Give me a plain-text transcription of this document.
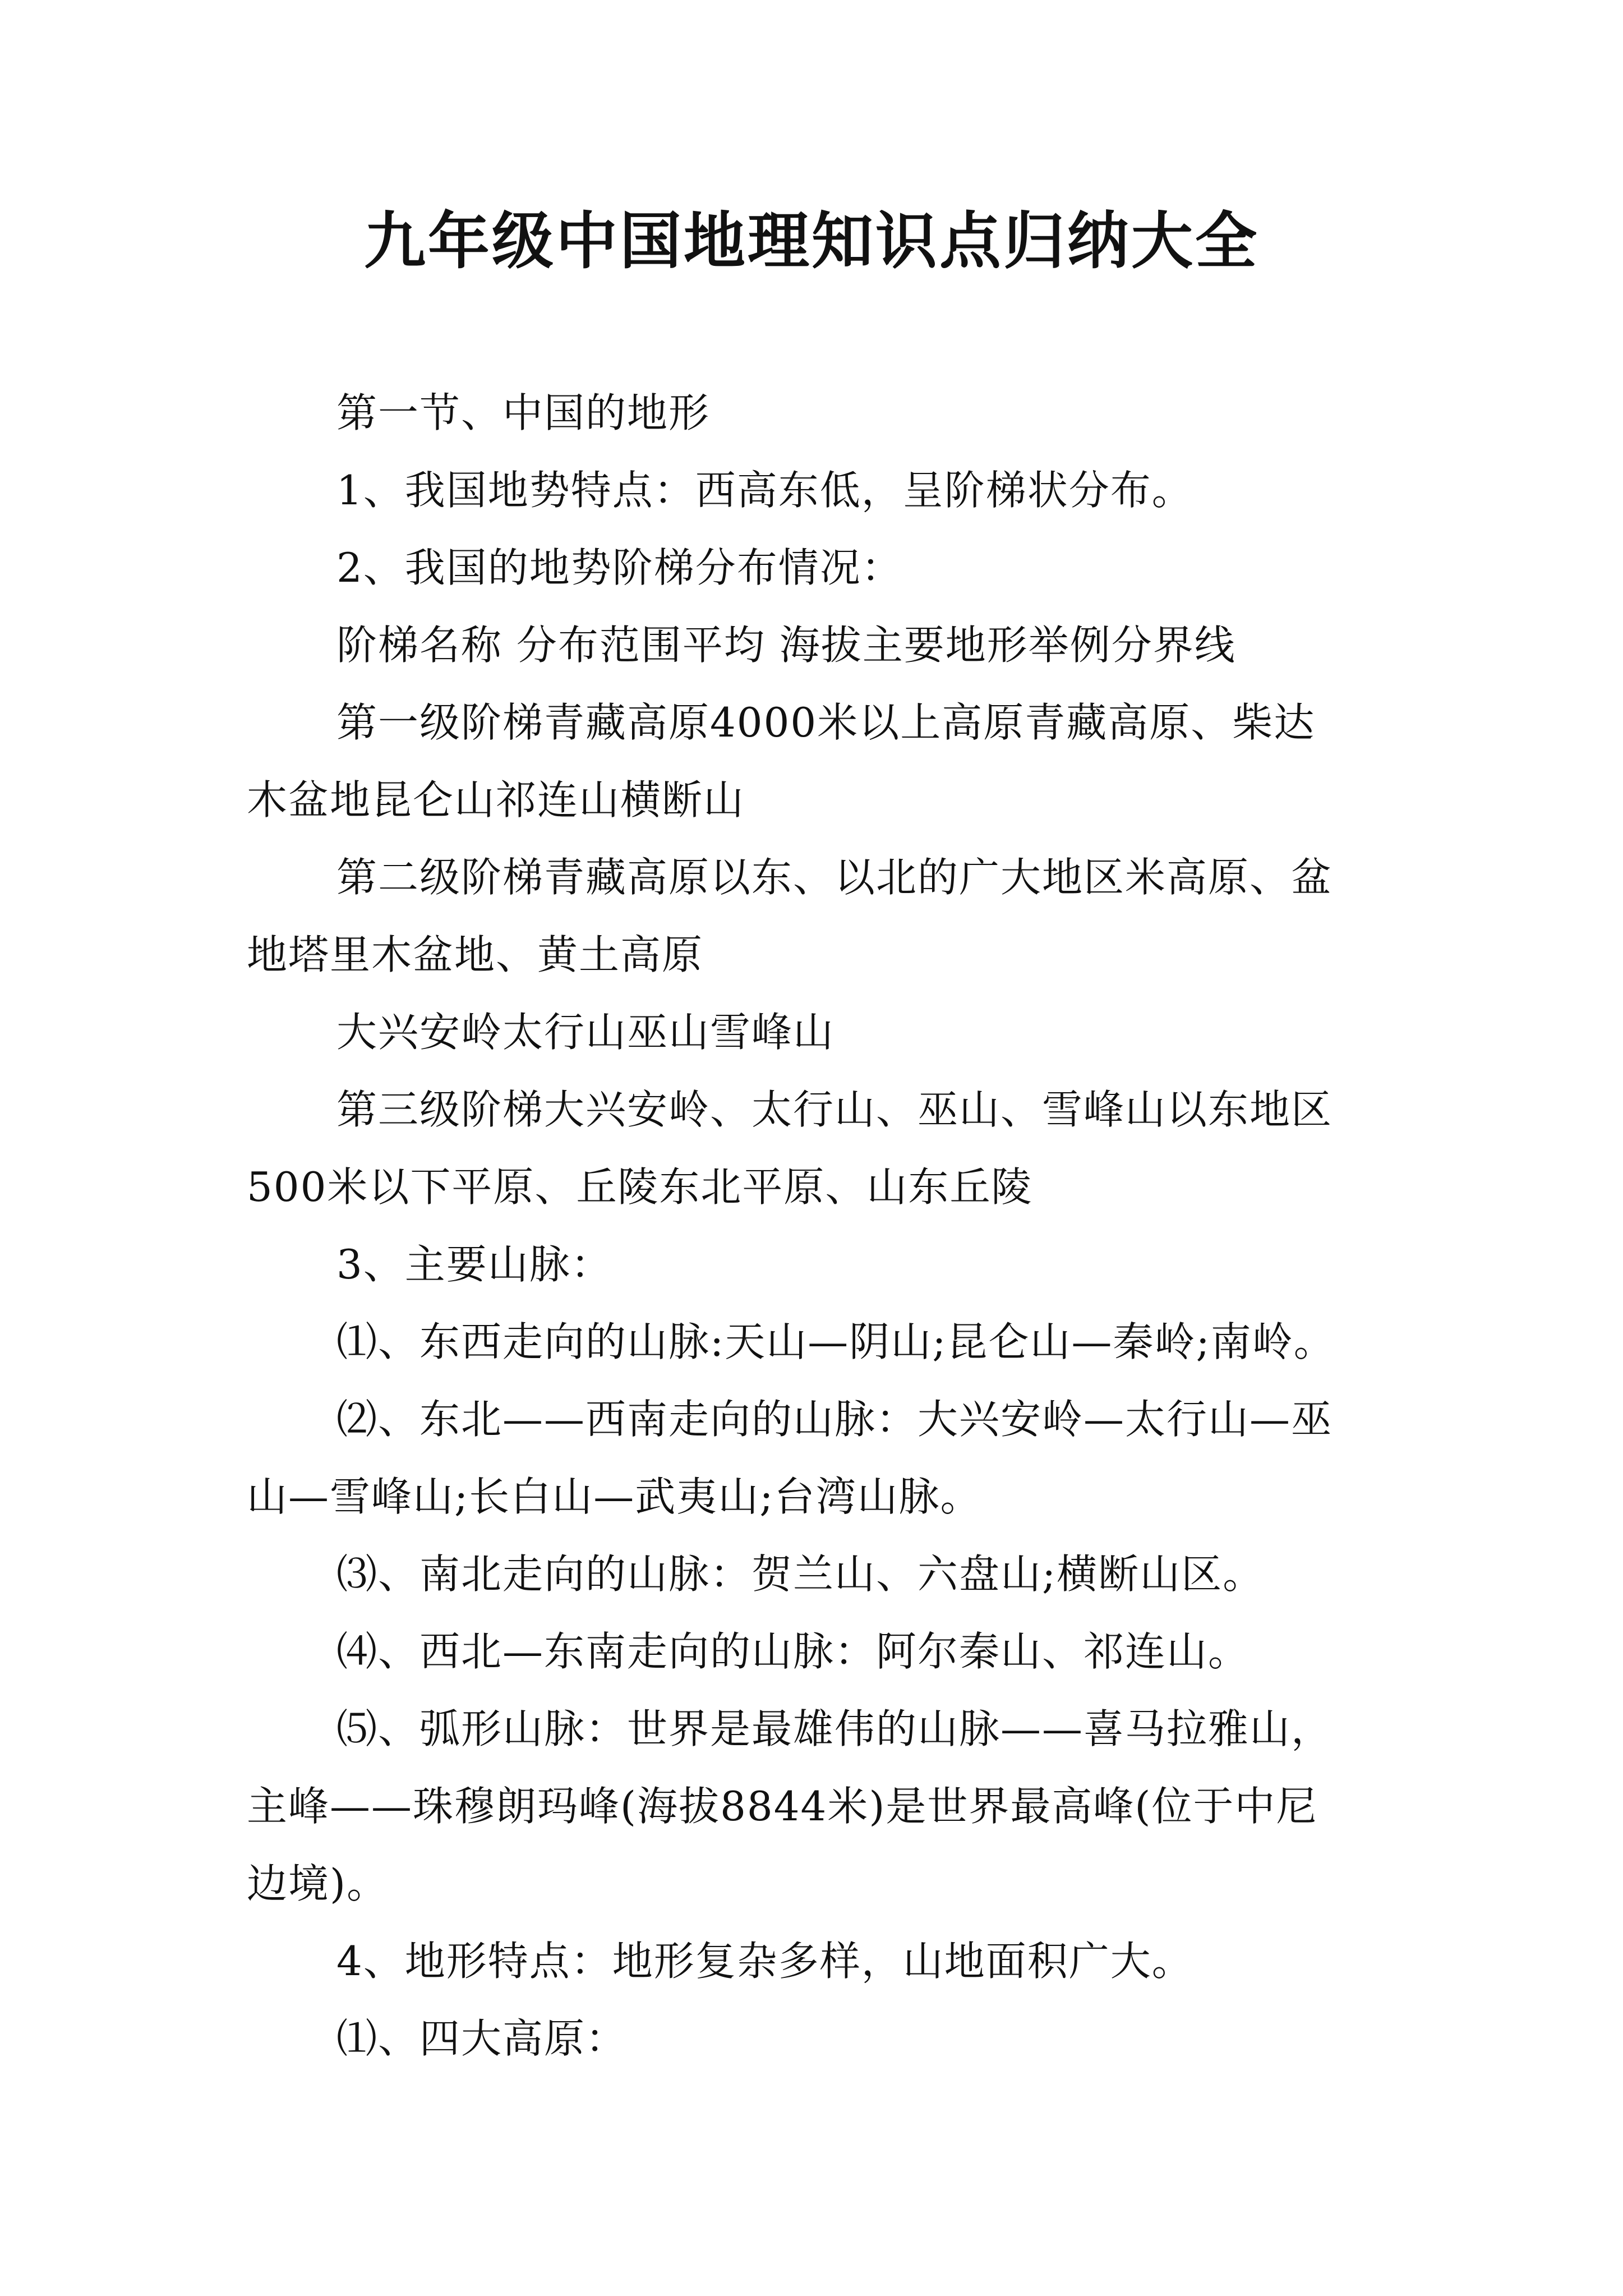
九年级中国地理知识点归纳大全
第一节、中国的地形
1、我国地势特点：西高东低，呈阶梯状分布。
2、我国的地势阶梯分布情况：
阶梯名称 分布范围平均 海拔主要地形举例分界线
第一级阶梯青藏高原4000米以上高原青藏高原、柴达
木盆地昆仑山祁连山横断山
第二级阶梯青藏高原以东、以北的广大地区米高原、盆
地塔里木盆地、黄土高原
大兴安岭太行山巫山雪峰山
第三级阶梯大兴安岭、太行山、巫山、雪峰山以东地区
500米以下平原、丘陵东北平原、山东丘陵
3、主要山脉：
⑴、东西走向的山脉:天山—阴山;昆仑山—秦岭;南岭。
⑵、东北——西南走向的山脉：大兴安岭—太行山—巫
山—雪峰山;长白山—武夷山;台湾山脉。
⑶、南北走向的山脉：贺兰山、六盘山;横断山区。
⑷、西北—东南走向的山脉：阿尔秦山、祁连山。
⑸、弧形山脉：世界是最雄伟的山脉——喜马拉雅山，
主峰——珠穆朗玛峰(海拔8844米)是世界最高峰(位于中尼
边境)。
4、地形特点：地形复杂多样，山地面积广大。
⑴、四大高原：
